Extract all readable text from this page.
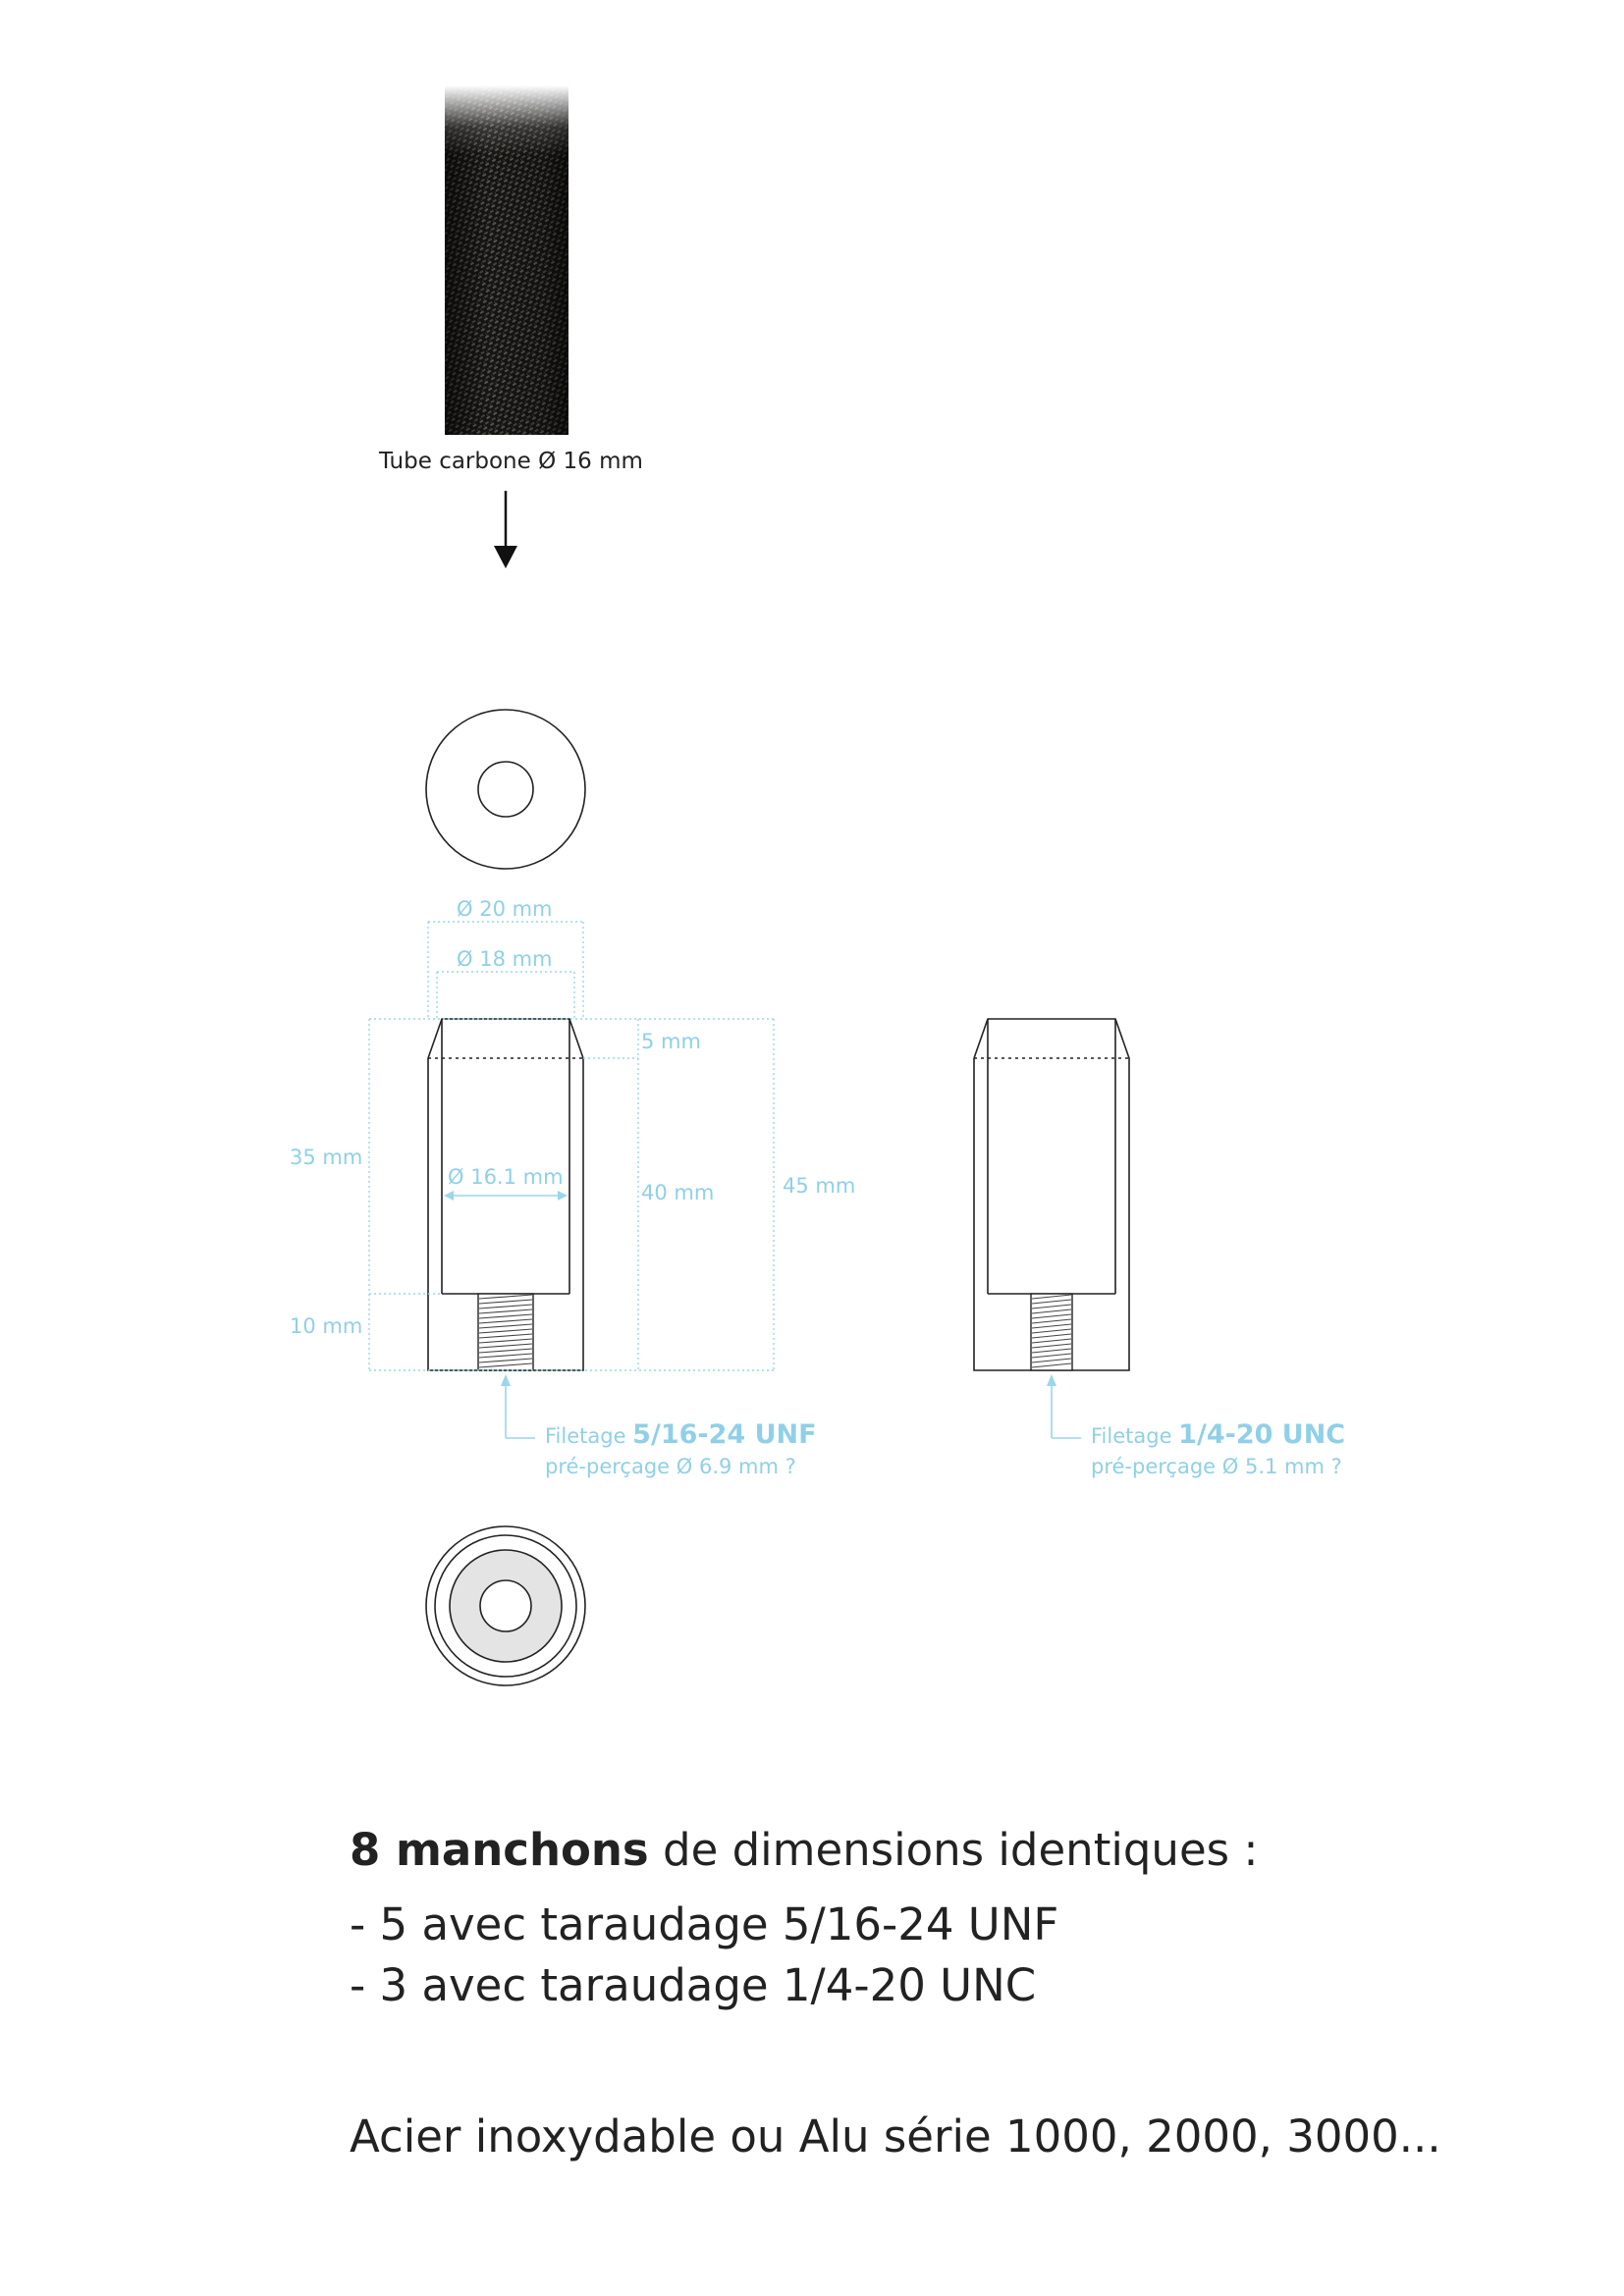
Tube carbone Ø 16 mm
Ø 20 mm
Ø 18 mm
5 mm
35 mm
Ø 16.1 mm
40 mm	45 mm
10 mm
Filetage 5/16-24 UNF
pré-perçage Ø 6.9 mm ?
Filetage 1/4-20 UNC
pré-perçage Ø 5.1 mm ?
8 manchons de dimensions identiques :
- 5 avec taraudage 5/16-24 UNF
- 3 avec taraudage 1/4-20 UNC
Acier inoxydable ou Alu série 1000, 2000, 3000...
